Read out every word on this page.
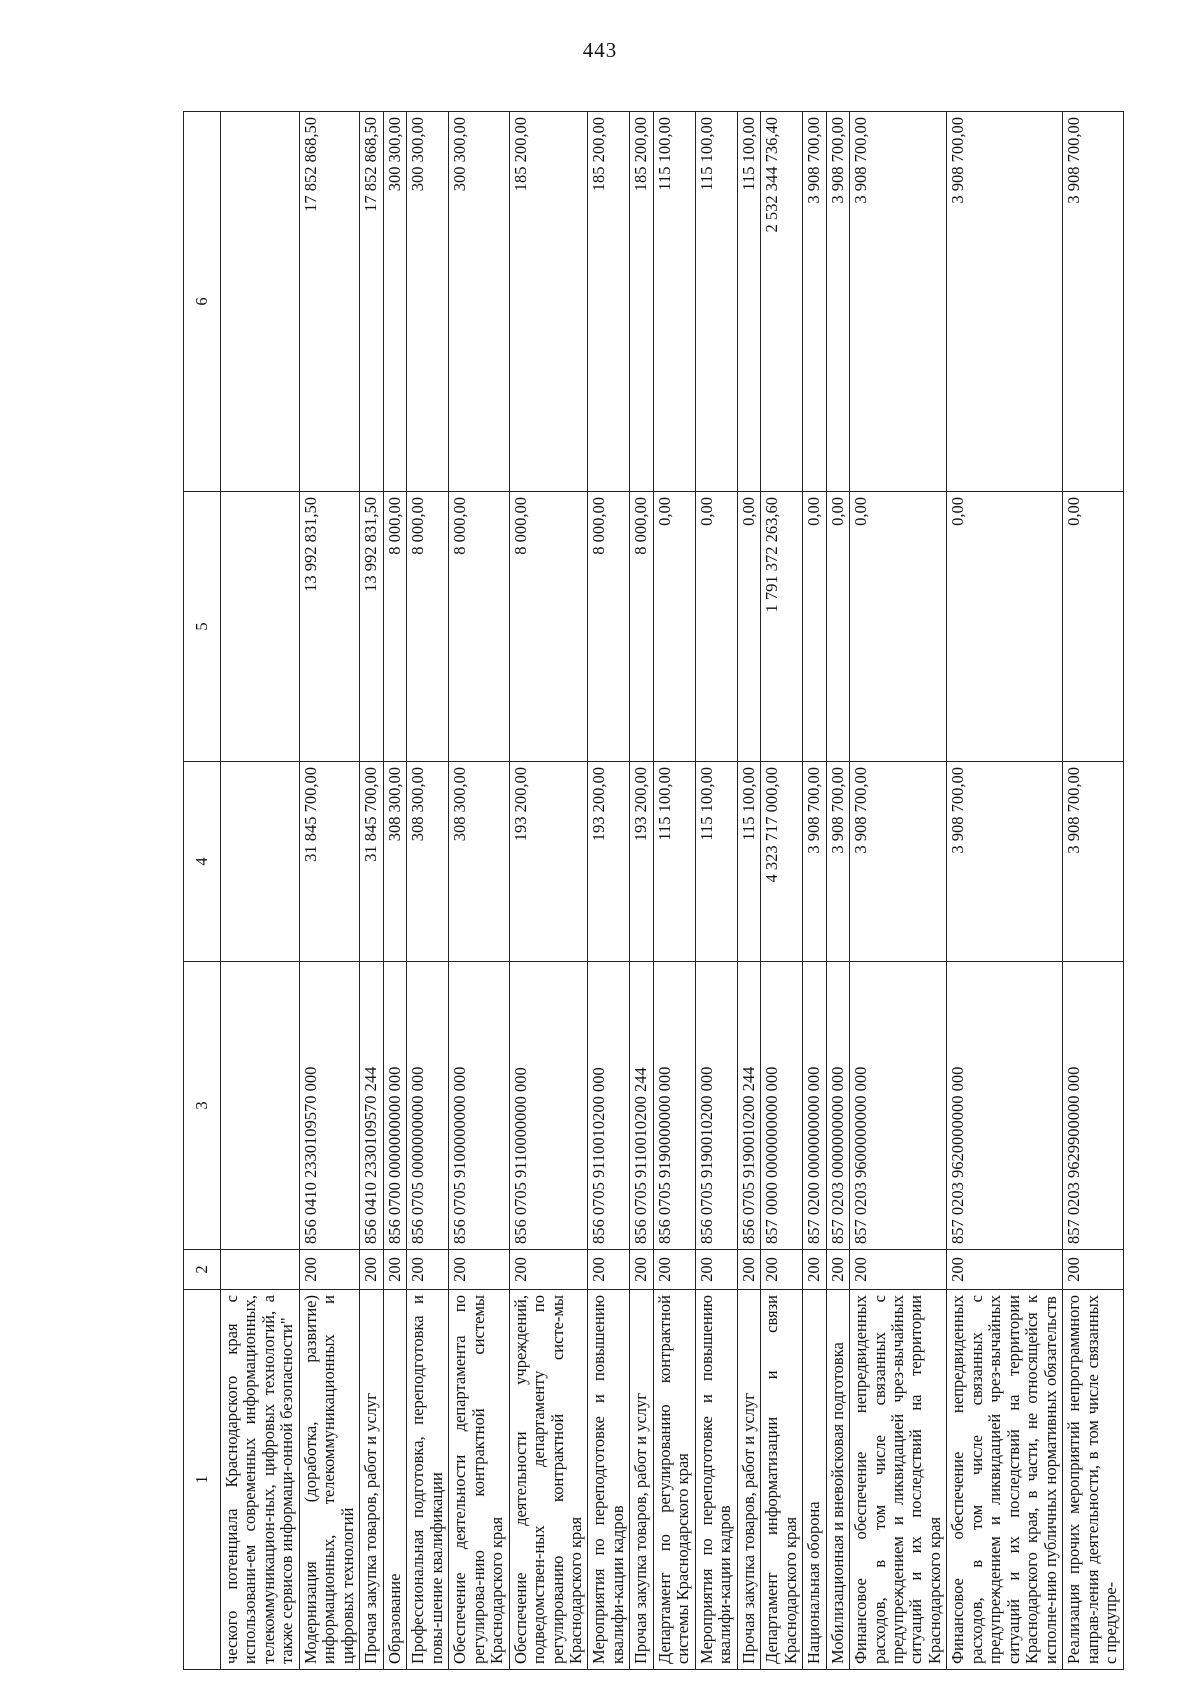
443
1	2	3	4	5	6
ческого потенциала Краснодарского края с использовани-ем современных информационных, телекоммуникацион-ных, цифровых технологий, а также сервисов информаци-онной безопасности"					
Модернизация (доработка, развитие) информационных, телекоммуникационных и цифровых технологий	200	856 0410 2330109570 000	31 845 700,00	13 992 831,50	17 852 868,50
Прочая закупка товаров, работ и услуг	200	856 0410 2330109570 244	31 845 700,00	13 992 831,50	17 852 868,50
Образование	200	856 0700 0000000000 000	308 300,00	8 000,00	300 300,00
Профессиональная подготовка, переподготовка и повы-шение квалификации	200	856 0705 0000000000 000	308 300,00	8 000,00	300 300,00
Обеспечение деятельности департамента по регулирова-нию контрактной системы Краснодарского края	200	856 0705 9100000000 000	308 300,00	8 000,00	300 300,00
Обеспечение деятельности учреждений, подведомствен-ных департаменту по регулированию контрактной систе-мы Краснодарского края	200	856 0705 9110000000 000	193 200,00	8 000,00	185 200,00
Мероприятия по переподготовке и повышению квалифи-кации кадров	200	856 0705 9110010200 000	193 200,00	8 000,00	185 200,00
Прочая закупка товаров, работ и услуг	200	856 0705 9110010200 244	193 200,00	8 000,00	185 200,00
Департамент по регулированию контрактной системы Краснодарского края	200	856 0705 9190000000 000	115 100,00	0,00	115 100,00
Мероприятия по переподготовке и повышению квалифи-кации кадров	200	856 0705 9190010200 000	115 100,00	0,00	115 100,00
Прочая закупка товаров, работ и услуг	200	856 0705 9190010200 244	115 100,00	0,00	115 100,00
Департамент информатизации и связи Краснодарского края	200	857 0000 0000000000 000	4 323 717 000,00	1 791 372 263,60	2 532 344 736,40
Национальная оборона	200	857 0200 0000000000 000	3 908 700,00	0,00	3 908 700,00
Мобилизационная и вневойсковая подготовка	200	857 0203 0000000000 000	3 908 700,00	0,00	3 908 700,00
Финансовое обеспечение непредвиденных расходов, в том числе связанных с предупреждением и ликвидацией чрез-вычайных ситуаций и их последствий на территории Краснодарского края	200	857 0203 9600000000 000	3 908 700,00	0,00	3 908 700,00
Финансовое обеспечение непредвиденных расходов, в том числе связанных с предупреждением и ликвидацией чрез-вычайных ситуаций и их последствий на территории Краснодарского края, в части, не относящейся к исполне-нию публичных нормативных обязательств	200	857 0203 9620000000 000	3 908 700,00	0,00	3 908 700,00
Реализация прочих мероприятий непрограммного направ-ления деятельности, в том числе связанных с предупре-	200	857 0203 9629900000 000	3 908 700,00	0,00	3 908 700,00
